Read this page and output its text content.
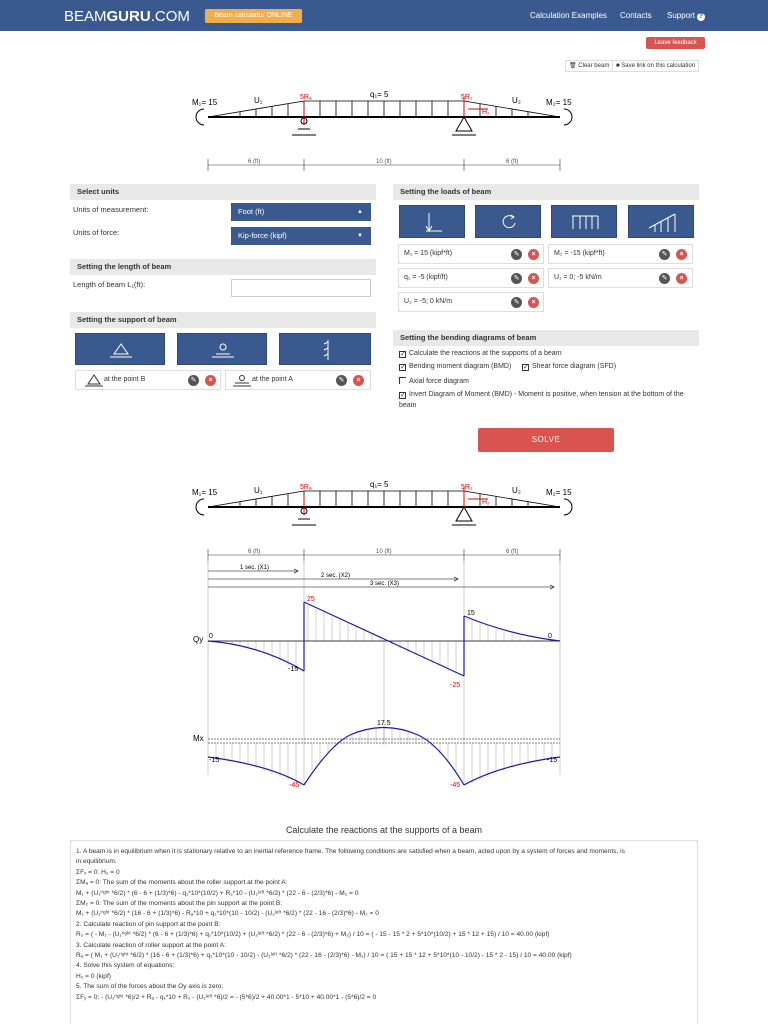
BEAMGURU.COM	Beam calculator ONLINE	Calculation Examples Contacts Support ?
Leave feedback
🗑︎ Clear beam	■ Save link on this calculation
M₁= 15	U₁	5Rₐ	q₁= 5	5R₂
H₂
U₂	M₂= 15
6 (ft)	10 (ft)	6 (ft)
Select units
Units of measurement:	Foot (ft)	▲
Units of force:	Kip-force (kipf)	▼
Setting the length of beam
Length of beam L₁(ft):
Setting the support of beam
at the point B	✎	×	at the point A	✎	×
Setting the loads of beam
M₁ = 15 (kipf*ft)	✎	×	M₂ = -15 (kipf*ft)	✎	×
q₁ = -5 (kipf/ft)	✎	×	U₁ = 0; -5 kN/m	✎	×
U₂ = -5; 0 kN/m	✎	×
Setting the bending diagrams of beam
✓ Calculate the reactions at the supports of a beam
✓ Bending moment diagram (BMD) ✓ Shear force diagram (SFD)
Axial force diagram
✓ Invert Diagram of Moment (BMD) - Moment is positive, when tension at the bottom of the beam
SOLVE
M₁= 15	U₁	5Rₐ	q₁= 5	5R₂
H₂
U₂	M₂= 15
6 (ft)	10 (ft)	6 (ft)
1 sec. (X1)
2 sec. (X2)
3 sec. (X3)
Qy 0
25
15
0
-15
-25
Mx
17.5
-15	-15
-45	-45
Calculate the reactions at the supports of a beam
1. A beam is in equilibrium when it is stationary relative to an inertial reference frame. The following conditions are satisfied when a beam, acted upon by a system of forces and moments, is
in equilibrium.
ΣFₓ = 0: H₂ = 0
ΣMₐ = 0: The sum of the moments about the roller support at the point A:
M₁ + (U₁ʳⁱᵍʰᵗ *6/2) * (6 - 6 + (1/3)*6) - q₁*10*(10/2) + R₂*10 - (U₂ˡᵉᶠᵗ *6/2) * (22 - 6 - (2/3)*6) - M₂ = 0
ΣM₂ = 0: The sum of the moments about the pin support at the point B:
M₁ + (U₁ʳⁱᵍʰᵗ *6/2) * (16 - 6 + (1/3)*6) - Rₐ*10 + q₁*10*(10 - 10/2) - (U₂ˡᵉᶠᵗ *6/2) * (22 - 16 - (2/3)*6) - M₂ = 0
2. Calculate reaction of pin support at the point B:
R₂ = ( - M₁ - (U₁ʳⁱᵍʰᵗ *6/2) * (6 - 6 + (1/3)*6) + q₁*10*(10/2) + (U₂ˡᵉᶠᵗ *6/2) * (22 - 6 - (2/3)*6) + M₂) / 10 = ( - 15 - 15 * 2 + 5*10*(10/2) + 15 * 12 + 15) / 10 = 40.00 (kipf)
3. Calculate reaction of roller support at the point A:
Rₐ = ( M₁ + (U₁ʳⁱᵍʰᵗ *6/2) * (16 - 6 + (1/3)*6) + q₁*10*(10 - 10/2) - (U₂ˡᵉᶠᵗ *6/2) * (22 - 16 - (2/3)*6) - M₂) / 10 = ( 15 + 15 * 12 + 5*10*(10 - 10/2) - 15 * 2 - 15) / 10 = 40.00 (kipf)
4. Solve this system of equations:
H₂ = 0 (kipf)
5. The sum of the forces about the Oy axis is zero:
ΣFᵧ = 0: - (U₁ʳⁱᵍʰᵗ *6)/2 + Rₐ - q₁*10 + R₂ - (U₂ˡᵉᶠᵗ *6)/2 = - (5*6)/2 + 40.00*1 - 5*10 + 40.00*1 - (5*6)/2 = 0
